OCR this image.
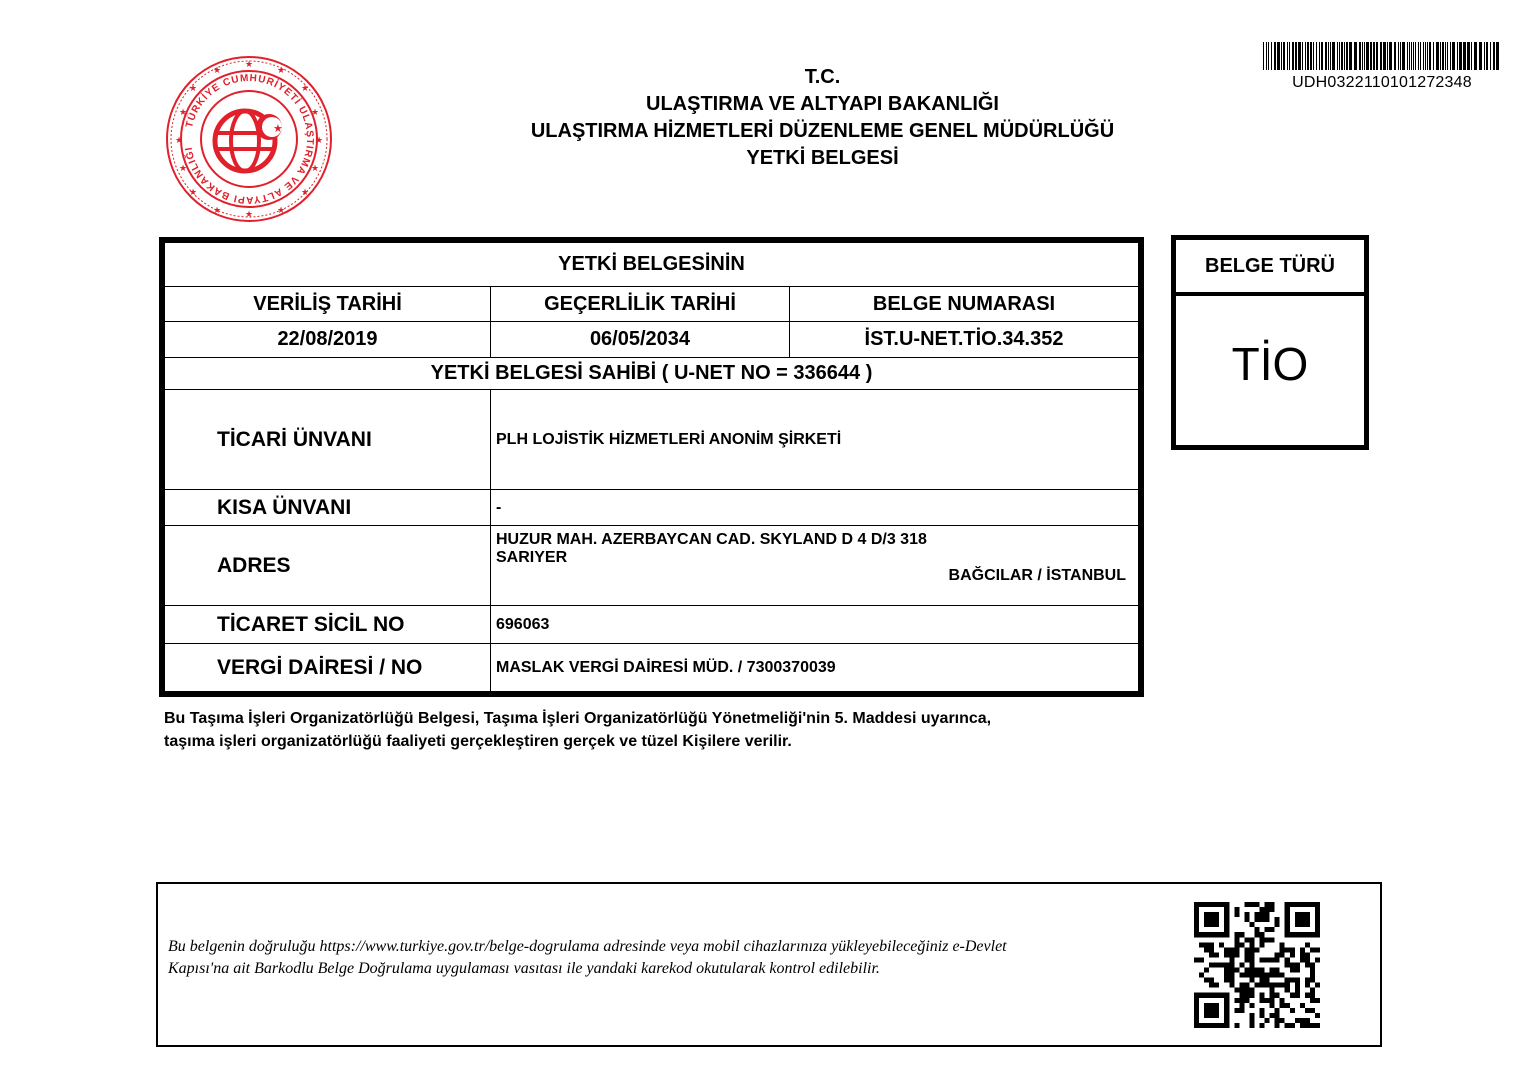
★	★
★
★
★	★
★	★
★	★
★	★
★	★
★	★
TÜRKİYE CUMHURİYETİ ULAŞTIRMA VE ALTYAPI BAKANLIĞI
★
T.C.
ULAŞTIRMA VE ALTYAPI BAKANLIĞI
ULAŞTIRMA HİZMETLERİ DÜZENLEME GENEL MÜDÜRLÜĞÜ
YETKİ BELGESİ
UDH0322110101272348
YETKİ BELGESİNİN		
VERİLİŞ TARİHİ	GEÇERLİLİK TARİHİ	BELGE NUMARASI
22/08/2019	06/05/2034	İST.U-NET.TİO.34.352
YETKİ BELGESİ SAHİBİ ( U-NET NO = 336644 )		
TİCARİ ÜNVANI	PLH LOJİSTİK HİZMETLERİ ANONİM ŞİRKETİ	
KISA ÜNVANI	-	
ADRES	HUZUR MAH. AZERBAYCAN CAD. SKYLAND D 4 D/3 318
SARIYER
BAĞCILAR / İSTANBUL	

TİCARET SİCİL NO	696063	
VERGİ DAİRESİ / NO	MASLAK VERGİ DAİRESİ MÜD. / 7300370039	
BELGE TÜRÜ
TİO
Bu Taşıma İşleri Organizatörlüğü Belgesi, Taşıma İşleri Organizatörlüğü Yönetmeliği'nin 5. Maddesi uyarınca,
taşıma işleri organizatörlüğü faaliyeti gerçekleştiren gerçek ve tüzel Kişilere verilir.
Bu belgenin doğruluğu https://www.turkiye.gov.tr/belge-dogrulama adresinde veya mobil cihazlarınıza yükleyebileceğiniz e-Devlet
Kapısı'na ait Barkodlu Belge Doğrulama uygulaması vasıtası ile yandaki karekod okutularak kontrol edilebilir.
